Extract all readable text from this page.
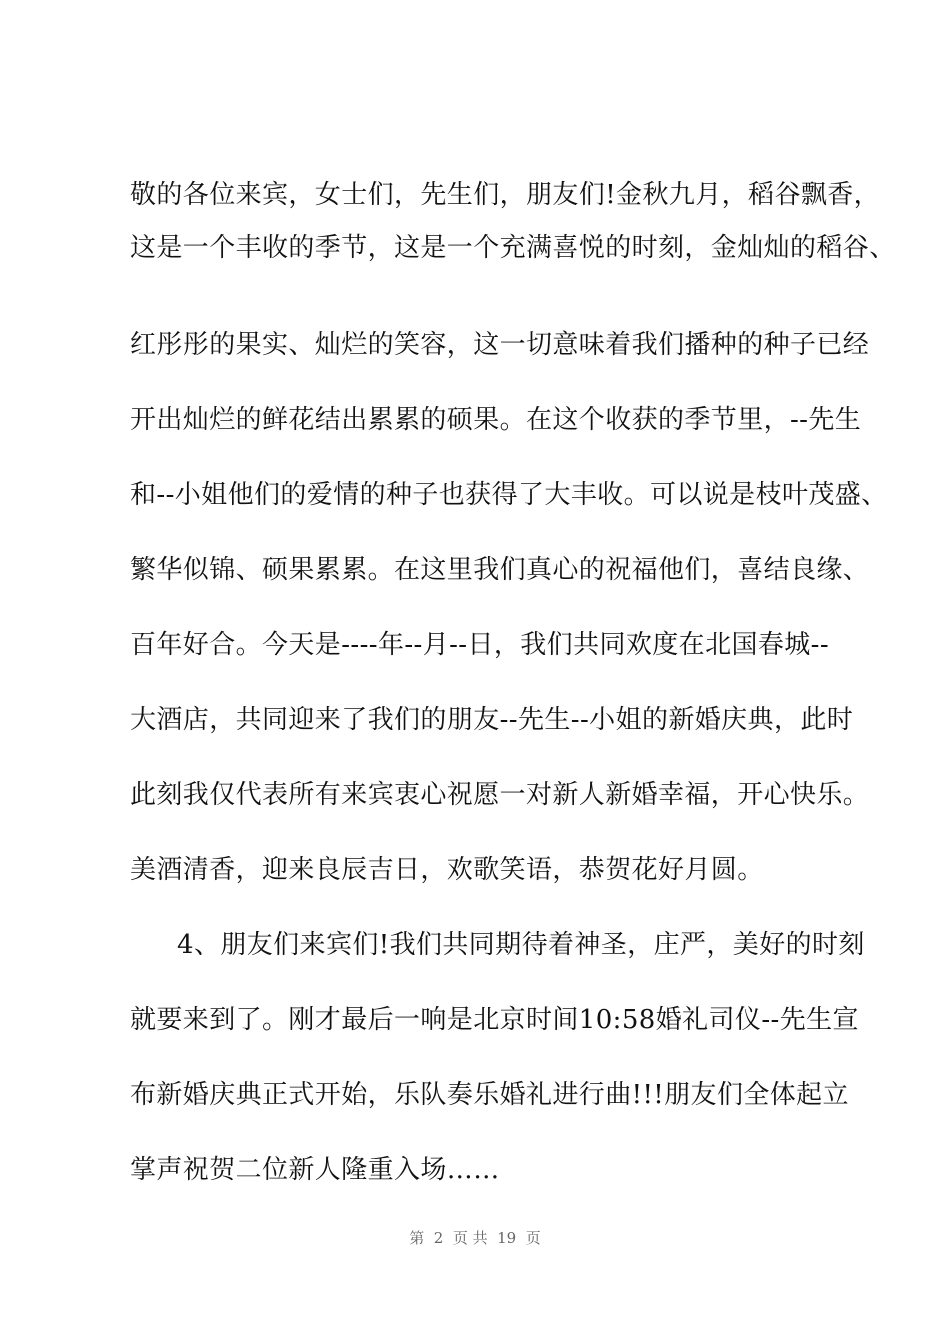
敬的各位来宾，女士们，先生们，朋友们!金秋九月，稻谷飘香，
这是一个丰收的季节，这是一个充满喜悦的时刻，金灿灿的稻谷、
红彤彤的果实、灿烂的笑容，这一切意味着我们播种的种子已经
开出灿烂的鲜花结出累累的硕果。在这个收获的季节里，--先生
和--小姐他们的爱情的种子也获得了大丰收。可以说是枝叶茂盛、
繁华似锦、硕果累累。在这里我们真心的祝福他们，喜结良缘、
百年好合。今天是----年--月--日，我们共同欢度在北国春城--
大酒店，共同迎来了我们的朋友--先生--小姐的新婚庆典，此时
此刻我仅代表所有来宾衷心祝愿一对新人新婚幸福，开心快乐。
美酒清香，迎来良辰吉日，欢歌笑语，恭贺花好月圆。
4、朋友们来宾们!我们共同期待着神圣，庄严，美好的时刻
就要来到了。刚才最后一响是北京时间10:58婚礼司仪--先生宣
布新婚庆典正式开始，乐队奏乐婚礼进行曲!!!朋友们全体起立
掌声祝贺二位新人隆重入场……
第  2  页 共  19  页
